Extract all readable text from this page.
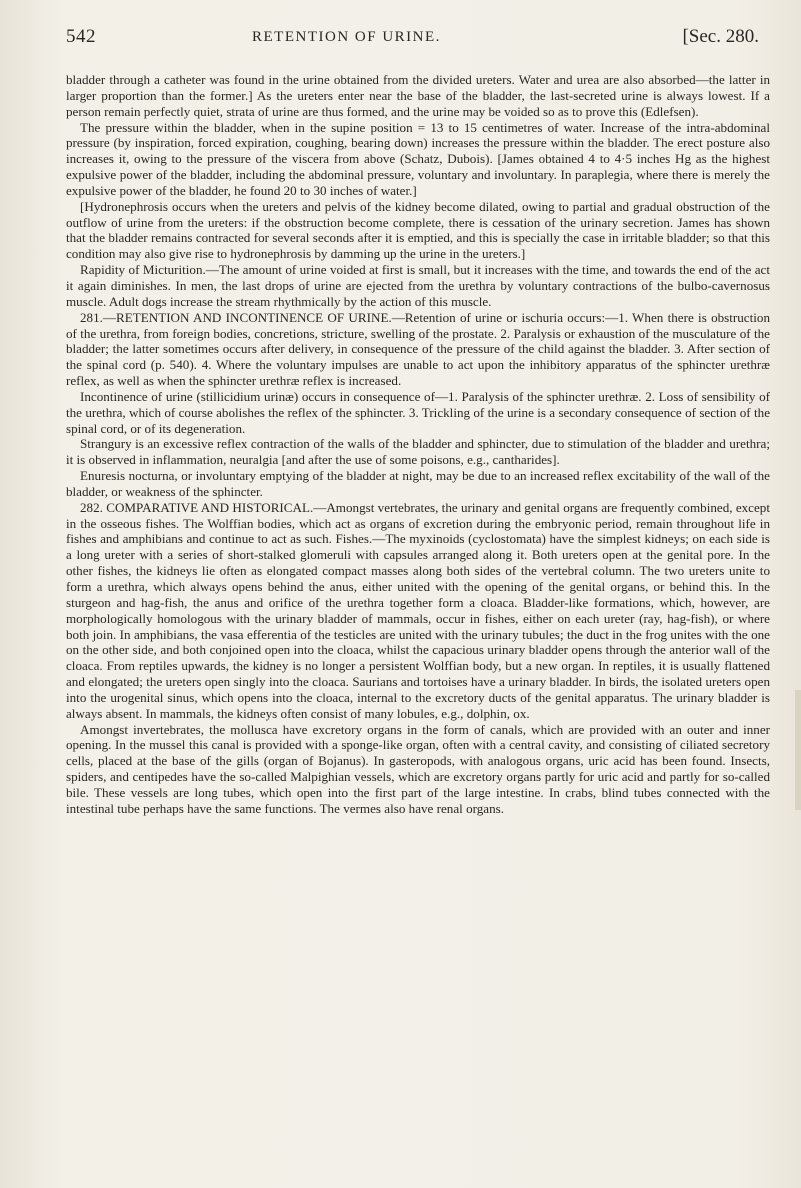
542	RETENTION OF URINE.	[Sec. 280.

bladder through a catheter was found in the urine obtained from the divided ureters. Water and urea are also absorbed—the latter in larger proportion than the former.] As the ureters enter near the base of the bladder, the last-secreted urine is always lowest. If a person remain perfectly quiet, strata of urine are thus formed, and the urine may be voided so as to prove this (Edlefsen).

The pressure within the bladder, when in the supine position = 13 to 15 centimetres of water. Increase of the intra-abdominal pressure (by inspiration, forced expiration, coughing, bearing down) increases the pressure within the bladder. The erect posture also increases it, owing to the pressure of the viscera from above (Schatz, Dubois). [James obtained 4 to 4·5 inches Hg as the highest expulsive power of the bladder, including the abdominal pressure, voluntary and involuntary. In paraplegia, where there is merely the expulsive power of the bladder, he found 20 to 30 inches of water.]

[Hydronephrosis occurs when the ureters and pelvis of the kidney become dilated, owing to partial and gradual obstruction of the outflow of urine from the ureters: if the obstruction become complete, there is cessation of the urinary secretion. James has shown that the bladder remains contracted for several seconds after it is emptied, and this is specially the case in irritable bladder; so that this condition may also give rise to hydronephrosis by damming up the urine in the ureters.]

Rapidity of Micturition.—The amount of urine voided at first is small, but it increases with the time, and towards the end of the act it again diminishes. In men, the last drops of urine are ejected from the urethra by voluntary contractions of the bulbo-cavernosus muscle. Adult dogs increase the stream rhythmically by the action of this muscle.

281.—RETENTION AND INCONTINENCE OF URINE.—Retention of urine or ischuria occurs:—1. When there is obstruction of the urethra, from foreign bodies, concretions, stricture, swelling of the prostate. 2. Paralysis or exhaustion of the musculature of the bladder; the latter sometimes occurs after delivery, in consequence of the pressure of the child against the bladder. 3. After section of the spinal cord (p. 540). 4. Where the voluntary impulses are unable to act upon the inhibitory apparatus of the sphincter urethræ reflex, as well as when the sphincter urethræ reflex is increased.

Incontinence of urine (stillicidium urinæ) occurs in consequence of—1. Paralysis of the sphincter urethræ. 2. Loss of sensibility of the urethra, which of course abolishes the reflex of the sphincter. 3. Trickling of the urine is a secondary consequence of section of the spinal cord, or of its degeneration.

Strangury is an excessive reflex contraction of the walls of the bladder and sphincter, due to stimulation of the bladder and urethra; it is observed in inflammation, neuralgia [and after the use of some poisons, e.g., cantharides].

Enuresis nocturna, or involuntary emptying of the bladder at night, may be due to an increased reflex excitability of the wall of the bladder, or weakness of the sphincter.

282. COMPARATIVE AND HISTORICAL.—Amongst vertebrates, the urinary and genital organs are frequently combined, except in the osseous fishes. The Wolffian bodies, which act as organs of excretion during the embryonic period, remain throughout life in fishes and amphibians and continue to act as such. Fishes.—The myxinoids (cyclostomata) have the simplest kidneys; on each side is a long ureter with a series of short-stalked glomeruli with capsules arranged along it. Both ureters open at the genital pore. In the other fishes, the kidneys lie often as elongated compact masses along both sides of the vertebral column. The two ureters unite to form a urethra, which always opens behind the anus, either united with the opening of the genital organs, or behind this. In the sturgeon and hag-fish, the anus and orifice of the urethra together form a cloaca. Bladder-like formations, which, however, are morphologically homologous with the urinary bladder of mammals, occur in fishes, either on each ureter (ray, hag-fish), or where both join. In amphibians, the vasa efferentia of the testicles are united with the urinary tubules; the duct in the frog unites with the one on the other side, and both conjoined open into the cloaca, whilst the capacious urinary bladder opens through the anterior wall of the cloaca. From reptiles upwards, the kidney is no longer a persistent Wolffian body, but a new organ. In reptiles, it is usually flattened and elongated; the ureters open singly into the cloaca. Saurians and tortoises have a urinary bladder. In birds, the isolated ureters open into the urogenital sinus, which opens into the cloaca, internal to the excretory ducts of the genital apparatus. The urinary bladder is always absent. In mammals, the kidneys often consist of many lobules, e.g., dolphin, ox.

Amongst invertebrates, the mollusca have excretory organs in the form of canals, which are provided with an outer and inner opening. In the mussel this canal is provided with a sponge-like organ, often with a central cavity, and consisting of ciliated secretory cells, placed at the base of the gills (organ of Bojanus). In gasteropods, with analogous organs, uric acid has been found. Insects, spiders, and centipedes have the so-called Malpighian vessels, which are excretory organs partly for uric acid and partly for so-called bile. These vessels are long tubes, which open into the first part of the large intestine. In crabs, blind tubes connected with the intestinal tube perhaps have the same functions. The vermes also have renal organs.
